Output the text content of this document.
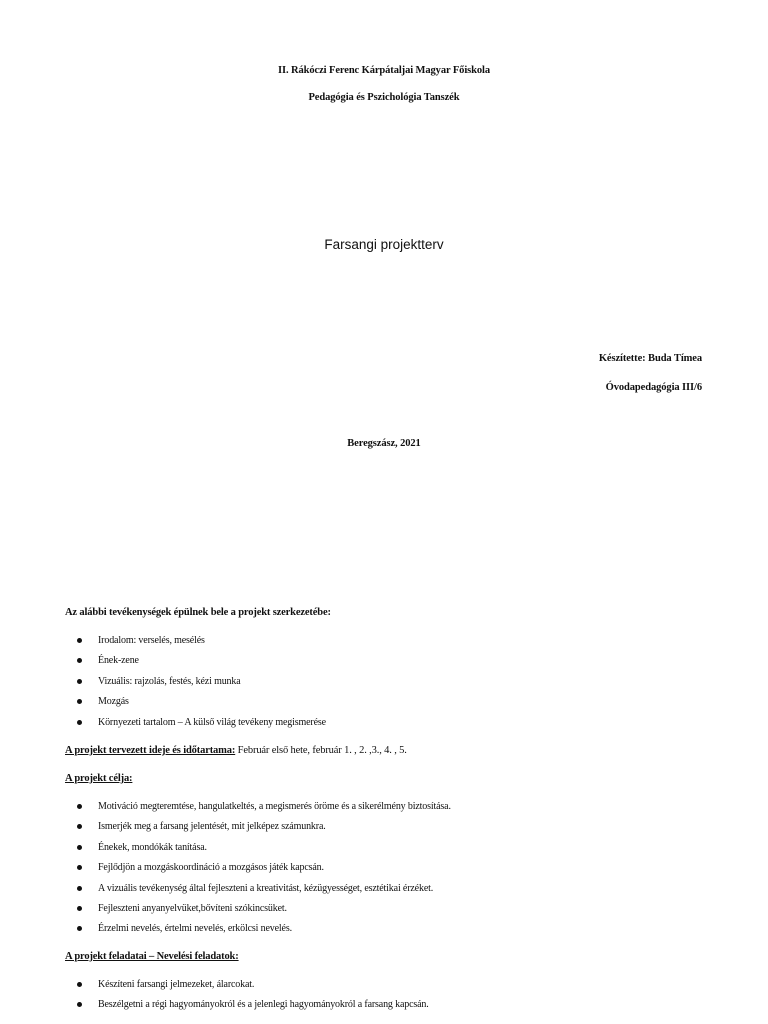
II. Rákóczi Ferenc Kárpátaljai Magyar Főiskola
Pedagógia és Pszichológia Tanszék
Farsangi projektterv
Készítette: Buda Tímea
Óvodapedagógia III/6
Beregszász, 2021
Az alábbi tevékenységek épülnek bele a projekt szerkezetébe:
Irodalom: verselés, mesélés
Ének-zene
Vizuális: rajzolás, festés, kézi munka
Mozgás
Környezeti tartalom – A külső világ tevékeny megismerése
A projekt tervezett ideje és időtartama: Február első hete, február 1. , 2. ,3., 4. , 5.
A projekt célja:
Motiváció megteremtése, hangulatkeltés, a megismerés öröme és a sikerélmény biztosítása.
Ismerjék meg a farsang jelentését, mit jelképez számunkra.
Énekek, mondókák tanítása.
Fejlődjön a mozgáskoordináció a mozgásos játék kapcsán.
A vizuális tevékenység által fejleszteni a kreativitást, kézügyességet, esztétikai érzéket.
Fejleszteni anyanyelvüket,bővíteni szókincsüket.
Érzelmi nevelés, értelmi nevelés, erkölcsi nevelés.
A projekt feladatai – Nevelési feladatok:
Készíteni farsangi jelmezeket, álarcokat.
Beszélgetni a régi hagyományokról és a jelenlegi hagyományokról a farsang kapcsán.
